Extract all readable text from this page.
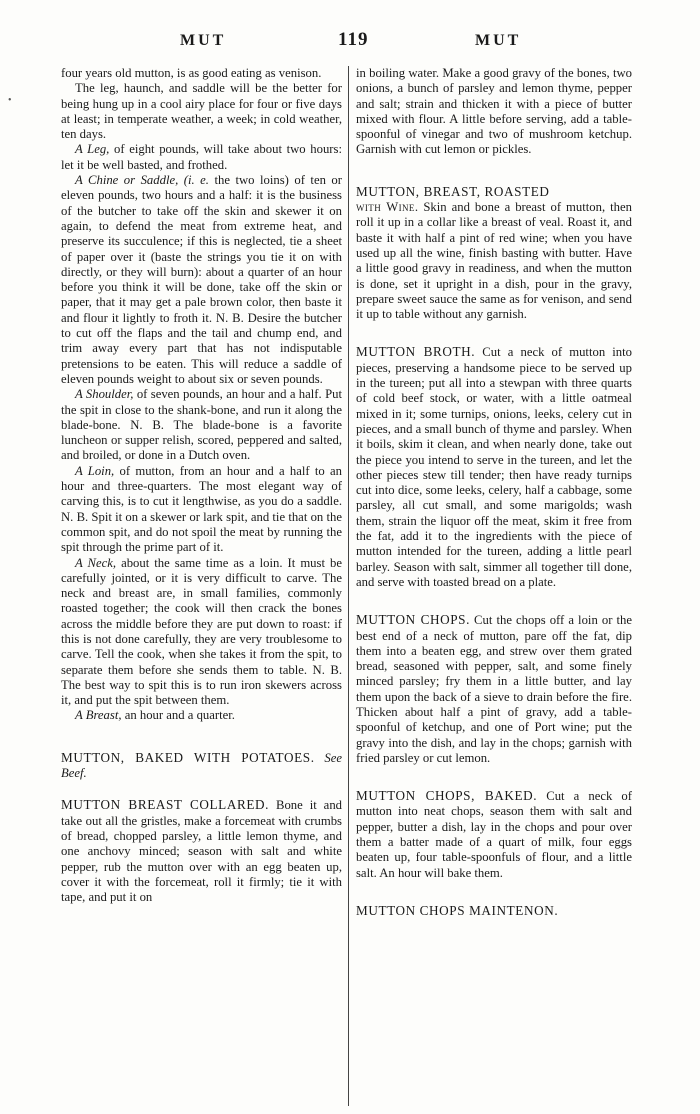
MUT	119	MUT
•

four years old mutton, is as good eating as venison.

The leg, haunch, and saddle will be the better for being hung up in a cool airy place for four or five days at least; in temperate weather, a week; in cold weather, ten days.

A Leg, of eight pounds, will take about two hours: let it be well basted, and frothed.

A Chine or Saddle, (i. e. the two loins) of ten or eleven pounds, two hours and a half: it is the business of the butcher to take off the skin and skewer it on again, to defend the meat from extreme heat, and preserve its succulence; if this is neglected, tie a sheet of paper over it (baste the strings you tie it on with directly, or they will burn): about a quarter of an hour before you think it will be done, take off the skin or paper, that it may get a pale brown color, then baste it and flour it lightly to froth it. N. B. Desire the butcher to cut off the flaps and the tail and chump end, and trim away every part that has not indisputable pretensions to be eaten. This will reduce a saddle of eleven pounds weight to about six or seven pounds.

A Shoulder, of seven pounds, an hour and a half. Put the spit in close to the shank-bone, and run it along the blade-bone. N. B. The blade-bone is a favorite luncheon or supper relish, scored, peppered and salted, and broiled, or done in a Dutch oven.

A Loin, of mutton, from an hour and a half to an hour and three-quarters. The most elegant way of carving this, is to cut it lengthwise, as you do a saddle. N. B. Spit it on a skewer or lark spit, and tie that on the common spit, and do not spoil the meat by running the spit through the prime part of it.

A Neck, about the same time as a loin. It must be carefully jointed, or it is very difficult to carve. The neck and breast are, in small families, commonly roasted together; the cook will then crack the bones across the middle before they are put down to roast: if this is not done carefully, they are very troublesome to carve. Tell the cook, when she takes it from the spit, to separate them before she sends them to table. N. B. The best way to spit this is to run iron skewers across it, and put the spit between them.

A Breast, an hour and a quarter.

MUTTON, BAKED WITH POTATOES. See Beef.

MUTTON BREAST COLLARED. Bone it and take out all the gristles, make a forcemeat with crumbs of bread, chopped parsley, a little lemon thyme, and one anchovy minced; season with salt and white pepper, rub the mutton over with an egg beaten up, cover it with the forcemeat, roll it firmly; tie it with tape, and put it on

in boiling water. Make a good gravy of the bones, two onions, a bunch of parsley and lemon thyme, pepper and salt; strain and thicken it with a piece of butter mixed with flour. A little before serving, add a table-spoonful of vinegar and two of mushroom ketchup. Garnish with cut lemon or pickles.

MUTTON, BREAST, ROASTED
with Wine. Skin and bone a breast of mutton, then roll it up in a collar like a breast of veal. Roast it, and baste it with half a pint of red wine; when you have used up all the wine, finish basting with butter. Have a little good gravy in readiness, and when the mutton is done, set it upright in a dish, pour in the gravy, prepare sweet sauce the same as for venison, and send it up to table without any garnish.

MUTTON BROTH. Cut a neck of mutton into pieces, preserving a handsome piece to be served up in the tureen; put all into a stewpan with three quarts of cold beef stock, or water, with a little oatmeal mixed in it; some turnips, onions, leeks, celery cut in pieces, and a small bunch of thyme and parsley. When it boils, skim it clean, and when nearly done, take out the piece you intend to serve in the tureen, and let the other pieces stew till tender; then have ready turnips cut into dice, some leeks, celery, half a cabbage, some parsley, all cut small, and some marigolds; wash them, strain the liquor off the meat, skim it free from the fat, add it to the ingredients with the piece of mutton intended for the tureen, adding a little pearl barley. Season with salt, simmer all together till done, and serve with toasted bread on a plate.

MUTTON CHOPS. Cut the chops off a loin or the best end of a neck of mutton, pare off the fat, dip them into a beaten egg, and strew over them grated bread, seasoned with pepper, salt, and some finely minced parsley; fry them in a little butter, and lay them upon the back of a sieve to drain before the fire. Thicken about half a pint of gravy, add a table-spoonful of ketchup, and one of Port wine; put the gravy into the dish, and lay in the chops; garnish with fried parsley or cut lemon.

MUTTON CHOPS, BAKED. Cut a neck of mutton into neat chops, season them with salt and pepper, butter a dish, lay in the chops and pour over them a batter made of a quart of milk, four eggs beaten up, four table-spoonfuls of flour, and a little salt. An hour will bake them.

MUTTON CHOPS MAINTENON.
